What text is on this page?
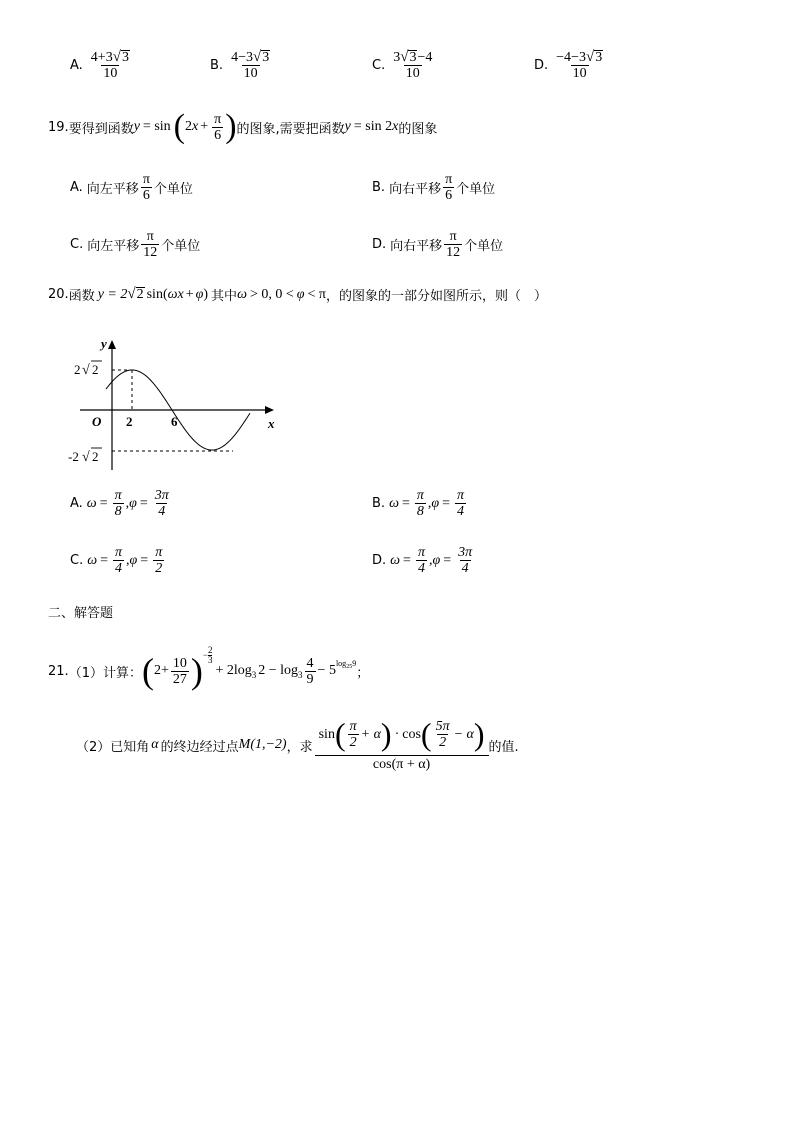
A. $\frac{4+3 √ 3}{10}$	B. $\frac{4-3 √ 3}{10}$	C. $\frac{3 √ 3 -4}{10}$	D. $\frac{-4-3 √ 3}{10}$
19. 要得到函数 y = sin ( 2 $x + \frac{\pi}{6}$ ) 的图象,需要把函数 y = sin 2 x 的图象
A. 向左平移 $\frac{\pi}{6}$ 个单位	B. 向右平移 $\frac{\pi}{6}$ 个单位
C. 向左平移 $\frac{\pi}{12}$ 个单位	D. 向右平移 $\frac{\pi}{12}$ 个单位
20. 函数 y = 2 √ 2 sin( ω x + φ ) 其中 ω > 0, 0 < φ < π ，的图象的一部分如图所示，则（　）
y
x
O 2	6
2 √ 2
-2 √ 2
A. $\omega = \frac{\pi}{8}$ , $\varphi = \frac{3\pi}{4}$	B. $\omega = \frac{\pi}{8}$ , $\varphi = \frac{\pi}{4}$
C. $\omega = \frac{\pi}{4}$ , $\varphi = \frac{\pi}{2}$	D. $\omega = \frac{\pi}{4}$ , $\varphi = \frac{3\pi}{4}$
二、解答题
21. （1）计算： ( $2+ \frac{10}{27}$ ) − $\frac{2}{3}$
+ 2log 3 $2 - \log 3 \frac{4}{9} - 5$ $\log_{25}9$
；
（2）已知角 α 的终边经过点 M(1,−2) ，求
sin ( $\frac{\pi}{2} + \alpha$ ) · cos ( $\frac{5\pi}{2} - \alpha$ )
cos(π + α)
的值.
